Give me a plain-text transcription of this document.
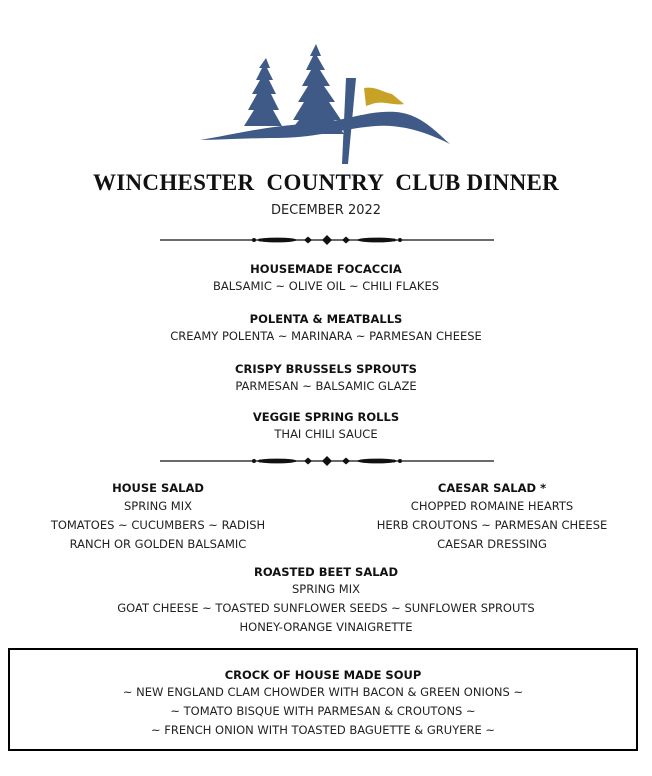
WINCHESTER  COUNTRY  CLUB DINNER
DECEMBER 2022
HOUSEMADE FOCACCIA
BALSAMIC ~ OLIVE OIL ~ CHILI FLAKES
POLENTA & MEATBALLS
CREAMY POLENTA ~ MARINARA ~ PARMESAN CHEESE
CRISPY BRUSSELS SPROUTS
PARMESAN ~ BALSAMIC GLAZE
VEGGIE SPRING ROLLS
THAI CHILI SAUCE
HOUSE SALAD
SPRING MIX
TOMATOES ~ CUCUMBERS ~ RADISH
RANCH OR GOLDEN BALSAMIC
CAESAR SALAD *
CHOPPED ROMAINE HEARTS
HERB CROUTONS ~ PARMESAN CHEESE
CAESAR DRESSING
ROASTED BEET SALAD
SPRING MIX
GOAT CHEESE ~ TOASTED SUNFLOWER SEEDS ~ SUNFLOWER SPROUTS
HONEY-ORANGE VINAIGRETTE
CROCK OF HOUSE MADE SOUP
~ NEW ENGLAND CLAM CHOWDER WITH BACON & GREEN ONIONS ~
~ TOMATO BISQUE WITH PARMESAN & CROUTONS ~
~ FRENCH ONION WITH TOASTED BAGUETTE & GRUYERE ~
